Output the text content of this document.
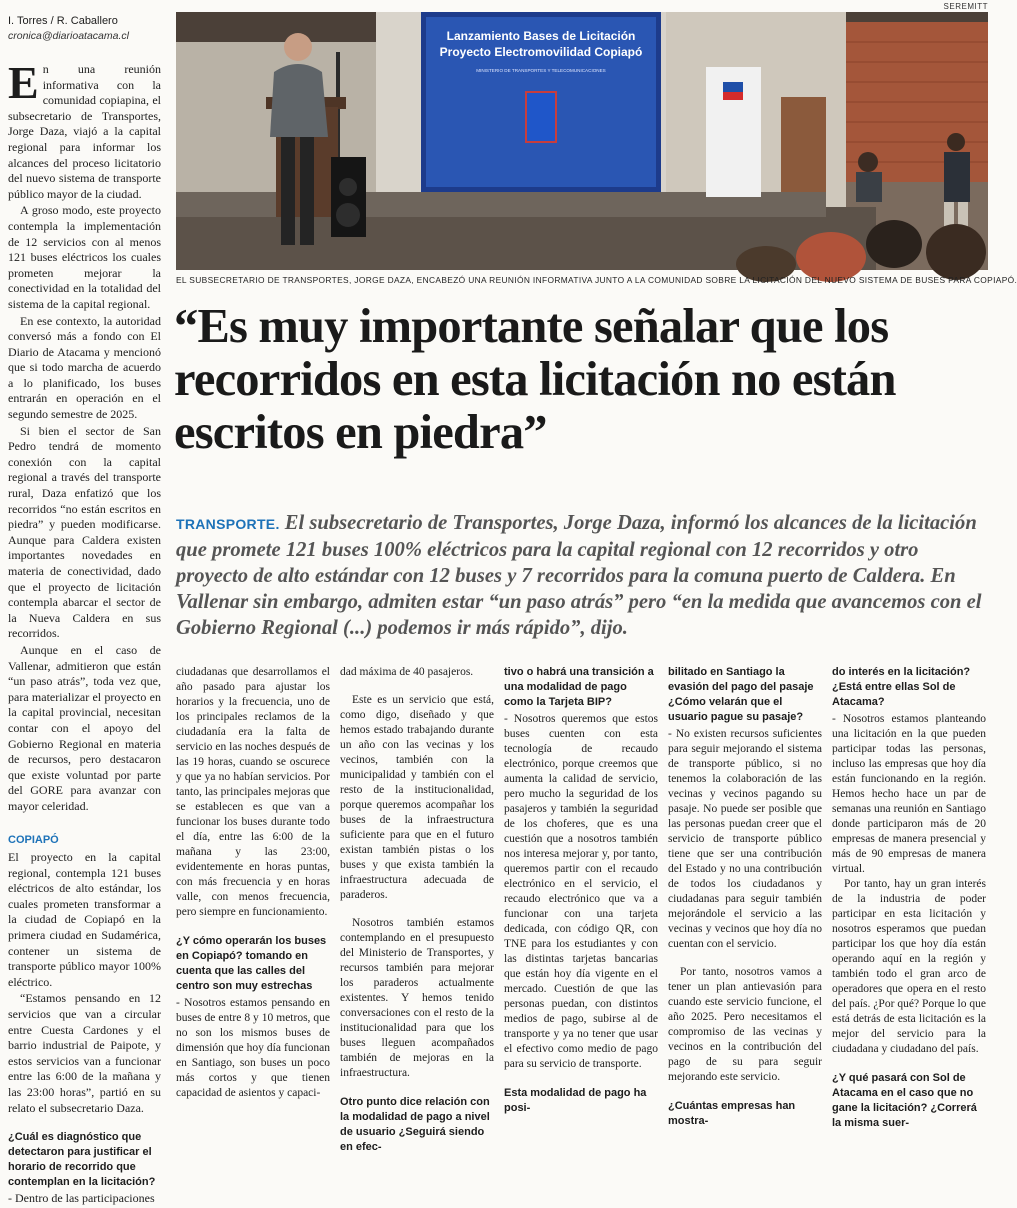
SEREMITT
I. Torres / R. Caballero
cronica@diarioatacama.cl

En una reunión informativa con la comunidad copiapina, el subsecretario de Transportes, Jorge Daza, viajó a la capital regional para informar los alcances del proceso licitatorio del nuevo sistema de transporte público mayor de la ciudad.

A groso modo, este proyecto contempla la implementación de 12 servicios con al menos 121 buses eléctricos los cuales prometen mejorar la conectividad en la totalidad del sistema de la capital regional.

En ese contexto, la autoridad conversó más a fondo con El Diario de Atacama y mencionó que si todo marcha de acuerdo a lo planificado, los buses entrarán en operación en el segundo semestre de 2025.

Si bien el sector de San Pedro tendrá de momento conexión con la capital regional a través del transporte rural, Daza enfatizó que los recorridos “no están escritos en piedra” y pueden modificarse. Aunque para Caldera existen importantes novedades en materia de conectividad, dado que el proyecto de licitación contempla abarcar el sector de la Nueva Caldera en sus recorridos.

Aunque en el caso de Vallenar, admitieron que están “un paso atrás”, toda vez que, para materializar el proyecto en la capital provincial, necesitan contar con el apoyo del Gobierno Regional en materia de recursos, pero destacaron que existe voluntad por parte del GORE para avanzar con mayor celeridad.

COPIAPÓ

El proyecto en la capital regional, contempla 121 buses eléctricos de alto estándar, los cuales prometen transformar a la ciudad de Copiapó en la primera ciudad en Sudamérica, contener un sistema de transporte público mayor 100% eléctrico.

“Estamos pensando en 12 servicios que van a circular entre Cuesta Cardones y el barrio industrial de Paipote, y estos servicios van a funcionar entre las 6:00 de la mañana y las 23:00 horas”, partió en su relato el subsecretario Daza.

¿Cuál es diagnóstico que detectaron para justificar el horario de recorrido que contemplan en la licitación?

- Dentro de las participaciones

Lanzamiento Bases de Licitación
Proyecto Electromovilidad Copiapó
MINISTERIO DE TRANSPORTES Y TELECOMUNICACIONES
EL SUBSECRETARIO DE TRANSPORTES, JORGE DAZA, ENCABEZÓ UNA REUNIÓN INFORMATIVA JUNTO A LA COMUNIDAD SOBRE LA LICITACIÓN DEL NUEVO SISTEMA DE BUSES PARA COPIAPÓ.
“Es muy importante señalar que los recorridos en esta licitación no están escritos en piedra”

TRANSPORTE. El subsecretario de Transportes, Jorge Daza, informó los alcances de la licitación que promete 121 buses 100% eléctricos para la capital regional con 12 recorridos y otro proyecto de alto estándar con 12 buses y 7 recorridos para la comuna puerto de Caldera. En Vallenar sin embargo, admiten estar “un paso atrás” pero “en la medida que avancemos con el Gobierno Regional (...) podemos ir más rápido”, dijo.

ciudadanas que desarrollamos el año pasado para ajustar los horarios y la frecuencia, uno de los principales reclamos de la ciudadanía era la falta de servicio en las noches después de las 19 horas, cuando se oscurece y que ya no habían servicios. Por tanto, las principales mejoras que se establecen es que van a funcionar los buses durante todo el día, entre las 6:00 de la mañana y las 23:00, evidentemente en horas puntas, con más frecuencia y en horas valle, con menos frecuencia, pero siempre en funcionamiento.

¿Y cómo operarán los buses en Copiapó? tomando en cuenta que las calles del centro son muy estrechas

- Nosotros estamos pensando en buses de entre 8 y 10 metros, que no son los mismos buses de dimensión que hoy día funcionan en Santiago, son buses un poco más cortos y que tienen capacidad de asientos y capaci-

dad máxima de 40 pasajeros.

Este es un servicio que está, como digo, diseñado y que hemos estado trabajando durante un año con las vecinas y los vecinos, también con la municipalidad y también con el resto de la institucionalidad, porque queremos acompañar los buses de la infraestructura suficiente para que en el futuro existan también pistas o los buses y que exista también la infraestructura adecuada de paraderos.

Nosotros también estamos contemplando en el presupuesto del Ministerio de Transportes, y recursos también para mejorar los paraderos actualmente existentes. Y hemos tenido conversaciones con el resto de la institucionalidad para que los buses lleguen acompañados también de mejoras en la infraestructura.

Otro punto dice relación con la modalidad de pago a nivel de usuario ¿Seguirá siendo en efec-

tivo o habrá una transición a una modalidad de pago como la Tarjeta BIP?

- Nosotros queremos que estos buses cuenten con esta tecnología de recaudo electrónico, porque creemos que aumenta la calidad de servicio, pero mucho la seguridad de los pasajeros y también la seguridad de los choferes, que es una cuestión que a nosotros también nos interesa mejorar y, por tanto, queremos partir con el recaudo electrónico en el servicio, el recaudo electrónico que va a funcionar con una tarjeta dedicada, con código QR, con TNE para los estudiantes y con las distintas tarjetas bancarias que están hoy día vigente en el mercado. Cuestión de que las personas puedan, con distintos medios de pago, subirse al de transporte y ya no tener que usar el efectivo como medio de pago para su servicio de transporte.

Esta modalidad de pago ha posi-

bilitado en Santiago la evasión del pago del pasaje ¿Cómo velarán que el usuario pague su pasaje?

- No existen recursos suficientes para seguir mejorando el sistema de transporte público, si no tenemos la colaboración de las vecinas y vecinos pagando su pasaje. No puede ser posible que las personas puedan creer que el servicio de transporte público tiene que ser una contribución del Estado y no una contribución de todos los ciudadanos y ciudadanas para seguir también mejorándole el servicio a las vecinas y vecinos que hoy día no cuentan con el servicio.

Por tanto, nosotros vamos a tener un plan antievasión para cuando este servicio funcione, el año 2025. Pero necesitamos el compromiso de las vecinas y vecinos en la contribución del pago de su para seguir mejorando este servicio.

¿Cuántas empresas han mostra-

do interés en la licitación? ¿Está entre ellas Sol de Atacama?

- Nosotros estamos planteando una licitación en la que pueden participar todas las personas, incluso las empresas que hoy día están funcionando en la región. Hemos hecho hace un par de semanas una reunión en Santiago donde participaron más de 20 empresas de manera presencial y más de 90 empresas de manera virtual.

Por tanto, hay un gran interés de la industria de poder participar en esta licitación y nosotros esperamos que puedan participar los que hoy día están operando aquí en la región y también todo el gran arco de operadores que opera en el resto del país. ¿Por qué? Porque lo que está detrás de esta licitación es la mejor del servicio para la ciudadana y ciudadano del país.

¿Y qué pasará con Sol de Atacama en el caso que no gane la licitación? ¿Correrá la misma suer-
